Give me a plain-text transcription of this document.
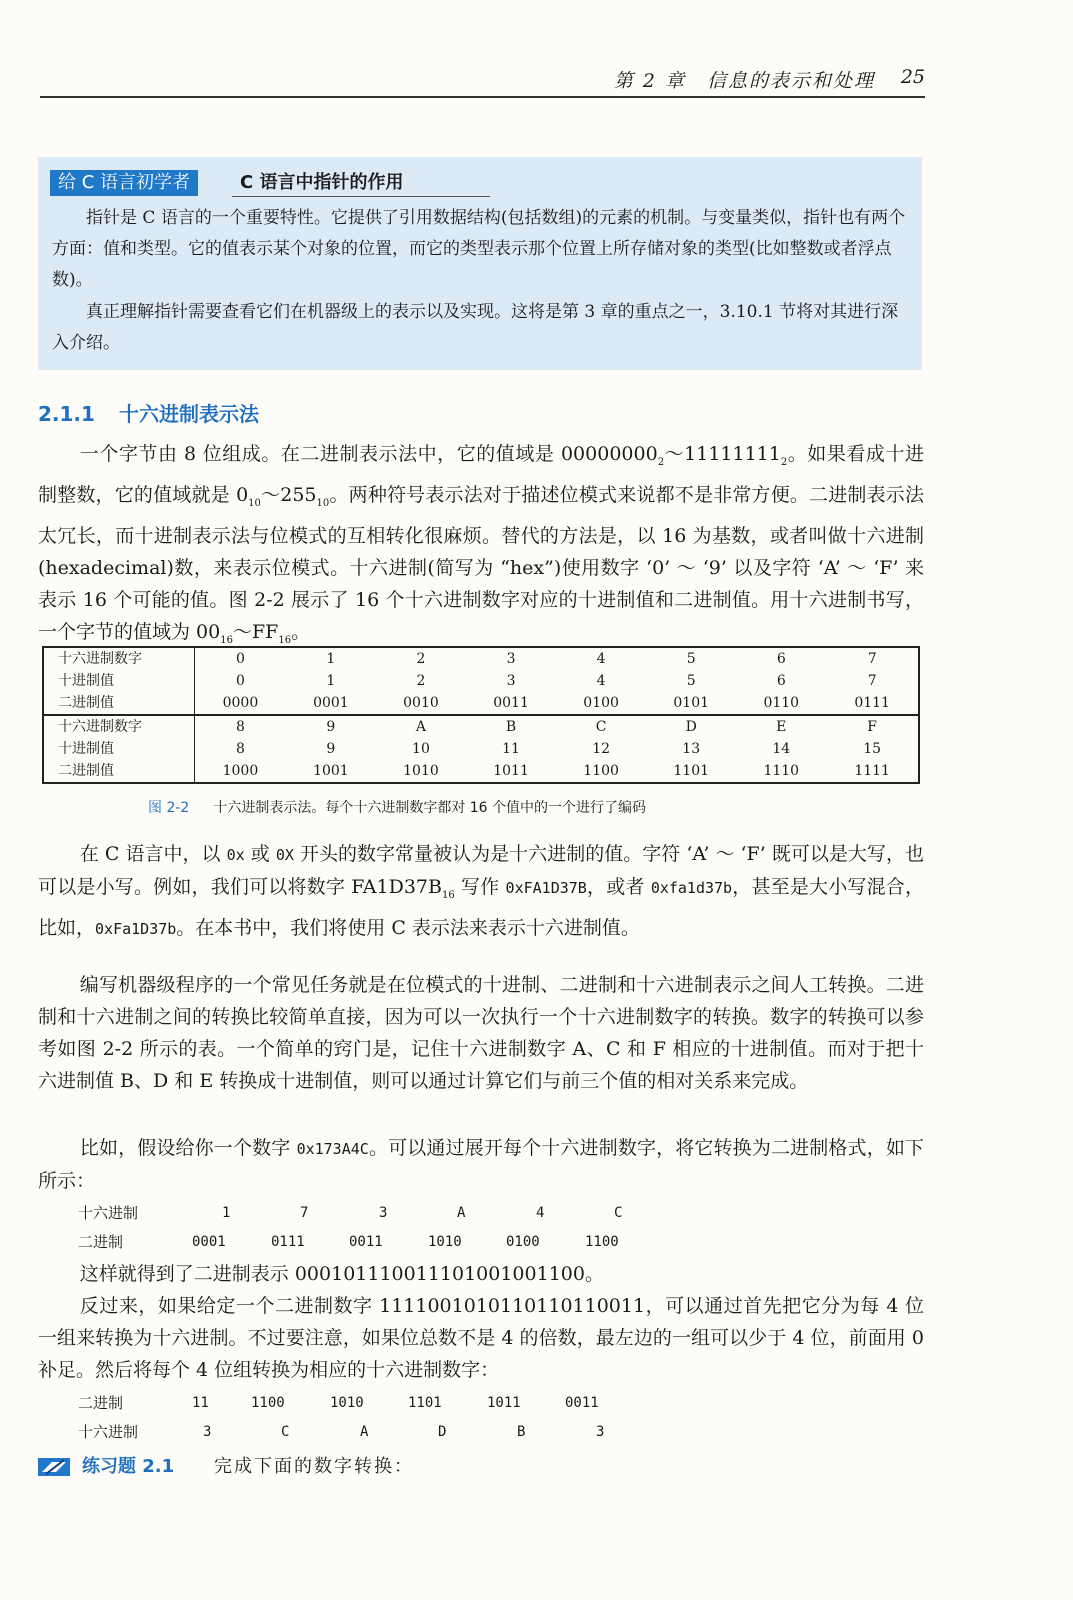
第 2 章　信息的表示和处理 25
给 C 语言初学者	C 语言中指针的作用

指针是 C 语言的一个重要特性。它提供了引用数据结构(包括数组)的元素的机制。与变量类似，指针也有两个方面：值和类型。它的值表示某个对象的位置，而它的类型表示那个位置上所存储对象的类型(比如整数或者浮点数)。

真正理解指针需要查看它们在机器级上的表示以及实现。这将是第 3 章的重点之一，3.10.1 节将对其进行深入介绍。

2.1.1 十六进制表示法

一个字节由 8 位组成。在二进制表示法中，它的值域是 $00000000_2\sim 11111111_2$。如果看成十进制整数，它的值域就是 $0_{10}\sim 255_{10}$。两种符号表示法对于描述位模式来说都不是非常方便。二进制表示法太冗长，而十进制表示法与位模式的互相转化很麻烦。替代的方法是，以 16 为基数，或者叫做十六进制(hexadecimal)数，来表示位模式。十六进制(简写为 “hex”)使用数字 ‘0’ ～ ‘9’ 以及字符 ‘A’ ～ ‘F’ 来表示 16 个可能的值。图 2-2 展示了 16 个十六进制数字对应的十进制值和二进制值。用十六进制书写，一个字节的值域为 $00_{16}\sim FF_{16}$。

十六进制数字	0	1	2	3	4	5	6	7
十进制值	0	1	2	3	4	5	6	7
二进制值	0000	0001	0010	0011	0100	0101	0110	0111
十六进制数字	8	9	A	B	C	D	E	F
十进制值	8	9	10	11	12	13	14	15
二进制值	1000	1001	1010	1011	1100	1101	1110	1111
图 2-2 十六进制表示法。每个十六进制数字都对 16 个值中的一个进行了编码

在 C 语言中，以 0x 或 0X 开头的数字常量被认为是十六进制的值。字符 ‘A’ ～ ‘F’ 既可以是大写，也可以是小写。例如，我们可以将数字 $FA1D37B_{16}$ 写作 0xFA1D37B，或者 0xfa1d37b，甚至是大小写混合，比如，0xFa1D37b。在本书中，我们将使用 C 表示法来表示十六进制值。

编写机器级程序的一个常见任务就是在位模式的十进制、二进制和十六进制表示之间人工转换。二进制和十六进制之间的转换比较简单直接，因为可以一次执行一个十六进制数字的转换。数字的转换可以参考如图 2-2 所示的表。一个简单的窍门是，记住十六进制数字 A、C 和 F 相应的十进制值。而对于把十六进制值 B、D 和 E 转换成十进制值，则可以通过计算它们与前三个值的相对关系来完成。

比如，假设给你一个数字 0x173A4C。可以通过展开每个十六进制数字，将它转换为二进制格式，如下所示：

十六进制	1	7	3	A	4	C
二进制	0001	0111	0011	1010	0100	1100

这样就得到了二进制表示 000101110011101001001100。

反过来，如果给定一个二进制数字 1111001010110110110011，可以通过首先把它分为每 4 位一组来转换为十六进制。不过要注意，如果位总数不是 4 的倍数，最左边的一组可以少于 4 位，前面用 0 补足。然后将每个 4 位组转换为相应的十六进制数字：

二进制	11	1100	1010	1101	1011	0011
十六进制	3	C	A	D	B	3
练习题 2.1 完成下面的数字转换：
